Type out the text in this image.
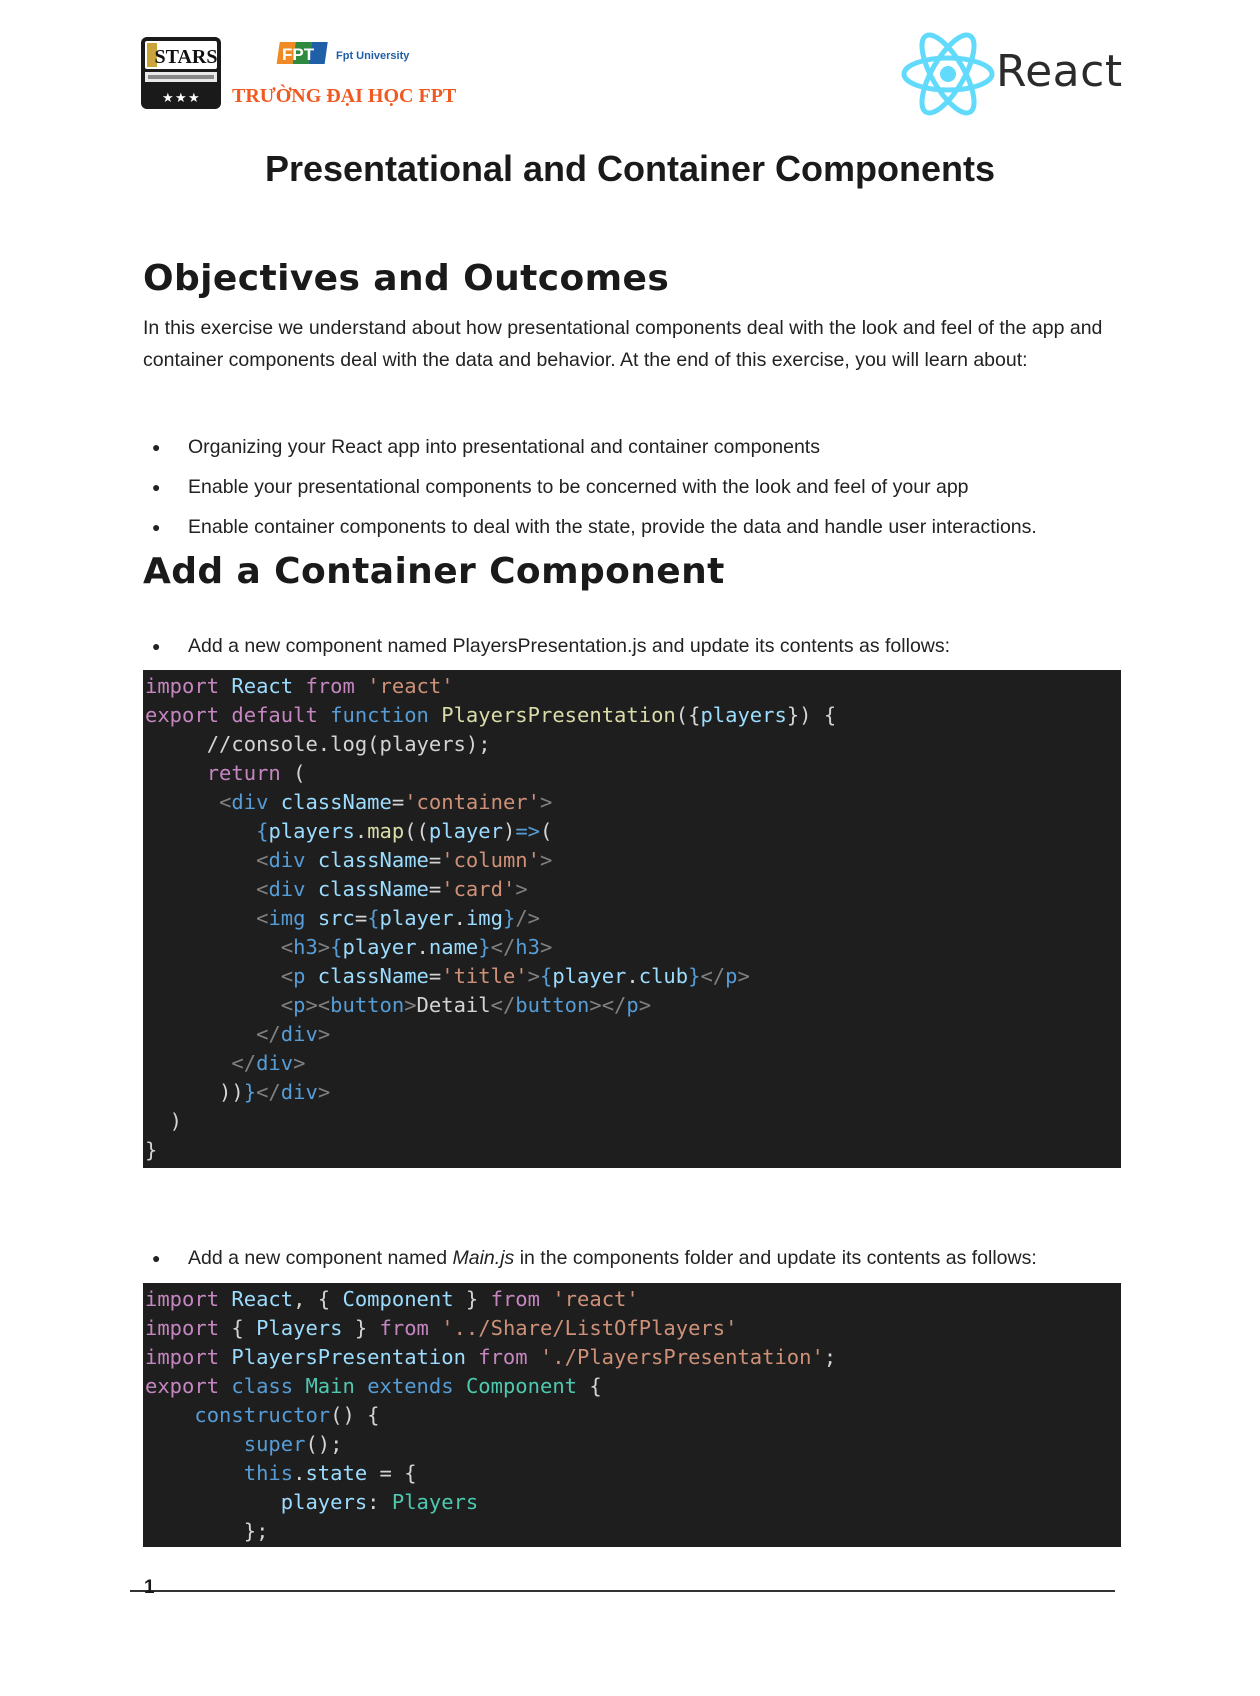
STARS
★ ★ ★
FPT Fpt University
TRƯỜNG ĐẠI HỌC FPT	React
Presentational and Container Components
Objectives and Outcomes

In this exercise we understand about how presentational components deal with the look and feel of the app and container components deal with the data and behavior. At the end of this exercise, you will learn about:

● Organizing your React app into presentational and container components
● Enable your presentational components to be concerned with the look and feel of your app
● Enable container components to deal with the state, provide the data and handle user interactions.
Add a Container Component
● Add a new component named PlayersPresentation.js and update its contents as follows:
import React from 'react'
export default function PlayersPresentation({players}) {
//console.log(players);
return (
<div className='container'>
{players.map((player)=>(
<div className='column'>
<div className='card'>
<img src={player.img}/>
<h3>{player.name}</h3>
<p className='title'>{player.club}</p>
<p><button>Detail</button></p>
</div>
</div>
))}</div>
)
}
● Add a new component named Main.js in the components folder and update its contents as follows:
import React, { Component } from 'react'
import { Players } from '../Share/ListOfPlayers'
import PlayersPresentation from './PlayersPresentation';
export class Main extends Component {
constructor() {
super();
this.state = {
players: Players
};
1
